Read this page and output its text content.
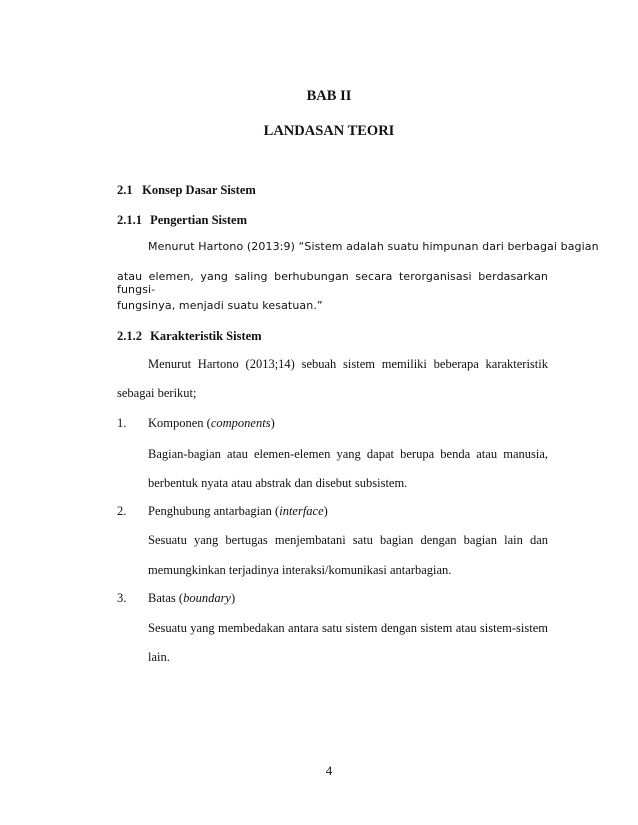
BAB II
LANDASAN TEORI
2.1 Konsep Dasar Sistem
2.1.1 Pengertian Sistem

Menurut Hartono (2013:9) “Sistem adalah suatu himpunan dari berbagai bagian

atau elemen, yang saling berhubungan secara terorganisasi berdasarkan fungsi-

fungsinya, menjadi suatu kesatuan.”

2.1.2 Karakteristik Sistem

Menurut Hartono (2013;14) sebuah sistem memiliki beberapa karakteristik

sebagai berikut;

1. Komponen (components)

Bagian-bagian atau elemen-elemen yang dapat berupa benda atau manusia,

berbentuk nyata atau abstrak dan disebut subsistem.

2. Penghubung antarbagian (interface)

Sesuatu yang bertugas menjembatani satu bagian dengan bagian lain dan

memungkinkan terjadinya interaksi/komunikasi antarbagian.

3. Batas (boundary)

Sesuatu yang membedakan antara satu sistem dengan sistem atau sistem-sistem

lain.

4
